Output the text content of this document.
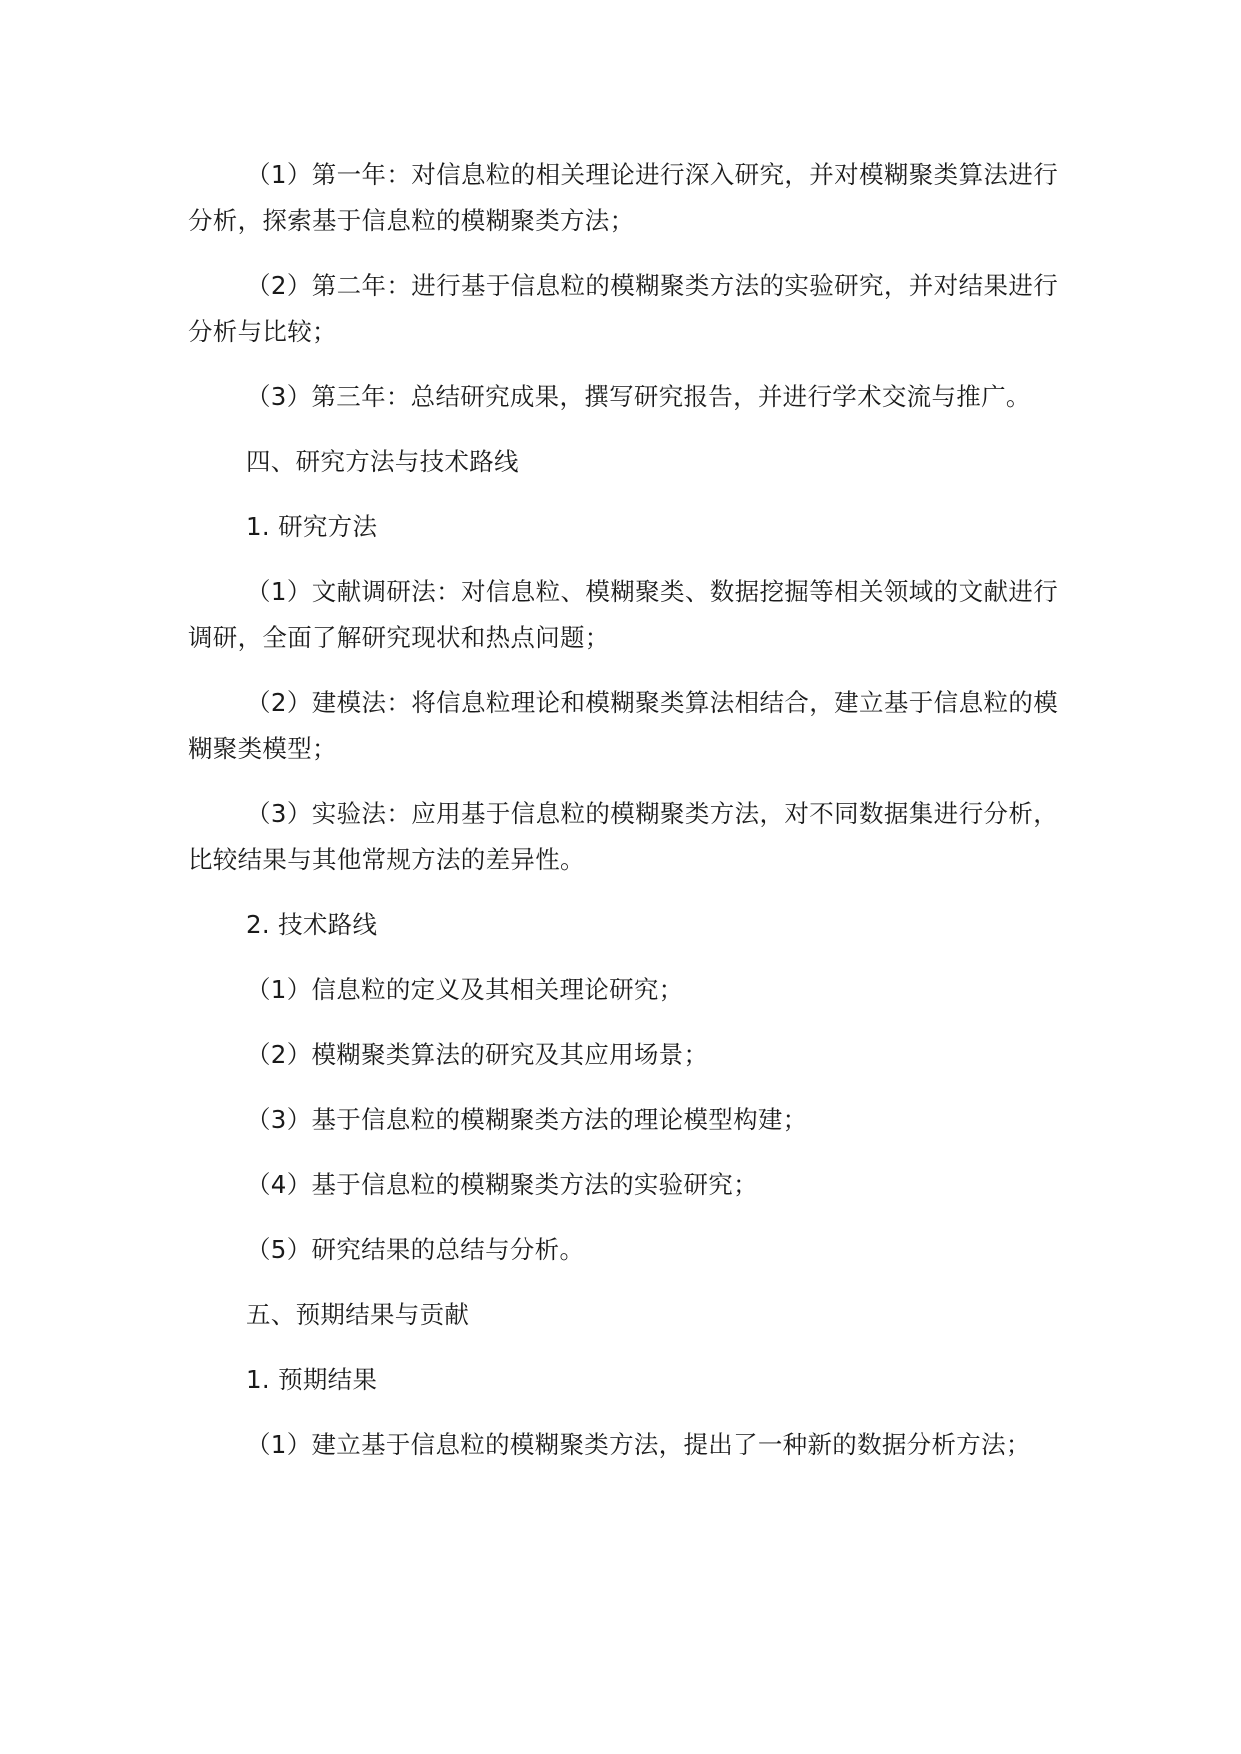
（1）第一年：对信息粒的相关理论进行深入研究，并对模糊聚类算法进行分析，探索基于信息粒的模糊聚类方法；

（2）第二年：进行基于信息粒的模糊聚类方法的实验研究，并对结果进行分析与比较；

（3）第三年：总结研究成果，撰写研究报告，并进行学术交流与推广。

四、研究方法与技术路线

1. 研究方法

（1）文献调研法：对信息粒、模糊聚类、数据挖掘等相关领域的文献进行调研，全面了解研究现状和热点问题；

（2）建模法：将信息粒理论和模糊聚类算法相结合，建立基于信息粒的模糊聚类模型；

（3）实验法：应用基于信息粒的模糊聚类方法，对不同数据集进行分析，比较结果与其他常规方法的差异性。

2. 技术路线

（1）信息粒的定义及其相关理论研究；

（2）模糊聚类算法的研究及其应用场景；

（3）基于信息粒的模糊聚类方法的理论模型构建；

（4）基于信息粒的模糊聚类方法的实验研究；

（5）研究结果的总结与分析。

五、预期结果与贡献

1. 预期结果

（1）建立基于信息粒的模糊聚类方法，提出了一种新的数据分析方法；
